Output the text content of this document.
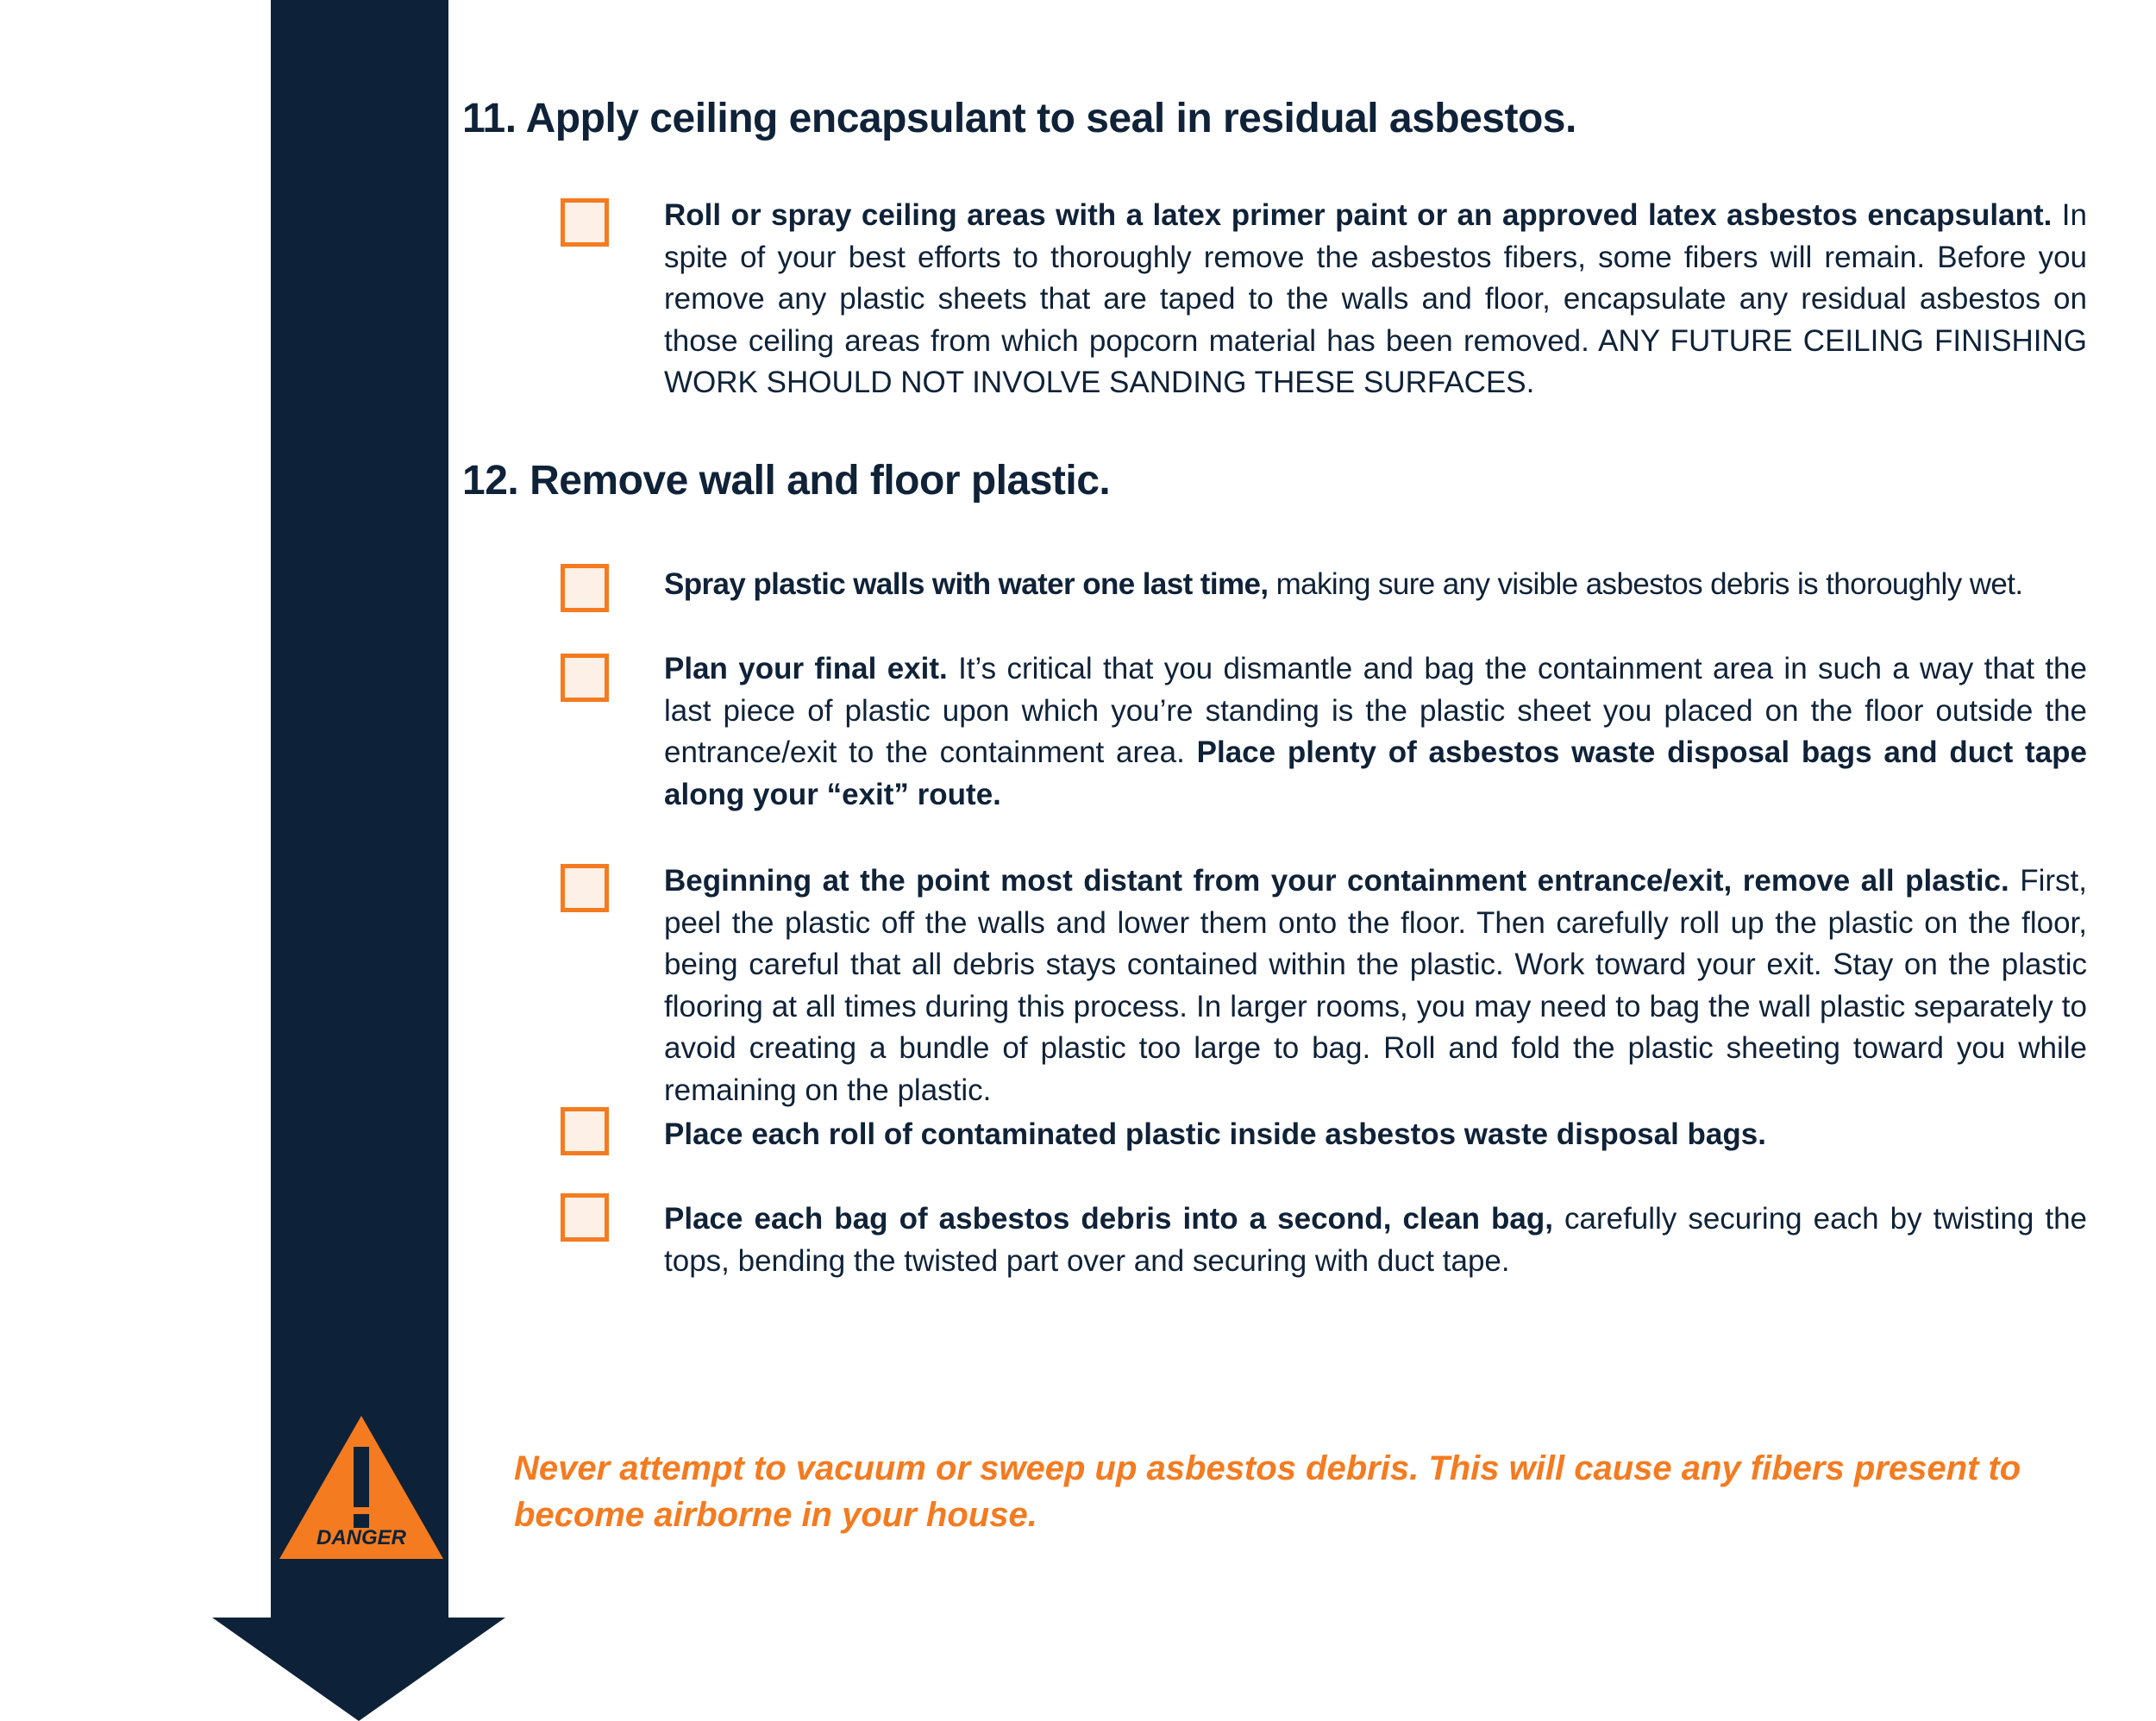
DANGER
11. Apply ceiling encapsulant to seal in residual asbestos.
Roll or spray ceiling areas with a latex primer paint or an approved latex asbestos encapsulant. In spite of your best efforts to thoroughly remove the asbestos fibers, some fibers will remain. Before you remove any plastic sheets that are taped to the walls and floor, encapsulate any residual asbestos on those ceiling areas from which popcorn material has been removed. ANY FUTURE CEILING FINISHING WORK SHOULD NOT INVOLVE SANDING THESE SURFACES.
12. Remove wall and floor plastic.
Spray plastic walls with water one last time, making sure any visible asbestos debris is thoroughly wet.
Plan your final exit. It’s critical that you dismantle and bag the containment area in such a way that the last piece of plastic upon which you’re standing is the plastic sheet you placed on the floor outside the entrance/exit to the containment area. Place plenty of asbestos waste disposal bags and duct tape along your “exit” route.
Beginning at the point most distant from your containment entrance/exit, remove all plastic. First, peel the plastic off the walls and lower them onto the floor. Then carefully roll up the plastic on the floor, being careful that all debris stays contained within the plastic. Work toward your exit. Stay on the plastic flooring at all times during this process. In larger rooms, you may need to bag the wall plastic separately to avoid creating a bundle of plastic too large to bag. Roll and fold the plastic sheeting toward you while remaining on the plastic.
Place each roll of contaminated plastic inside asbestos waste disposal bags.
Place each bag of asbestos debris into a second, clean bag, carefully securing each by twisting the tops, bending the twisted part over and securing with duct tape.

Never attempt to vacuum or sweep up asbestos debris. This will cause any fibers present to become airborne in your house.
